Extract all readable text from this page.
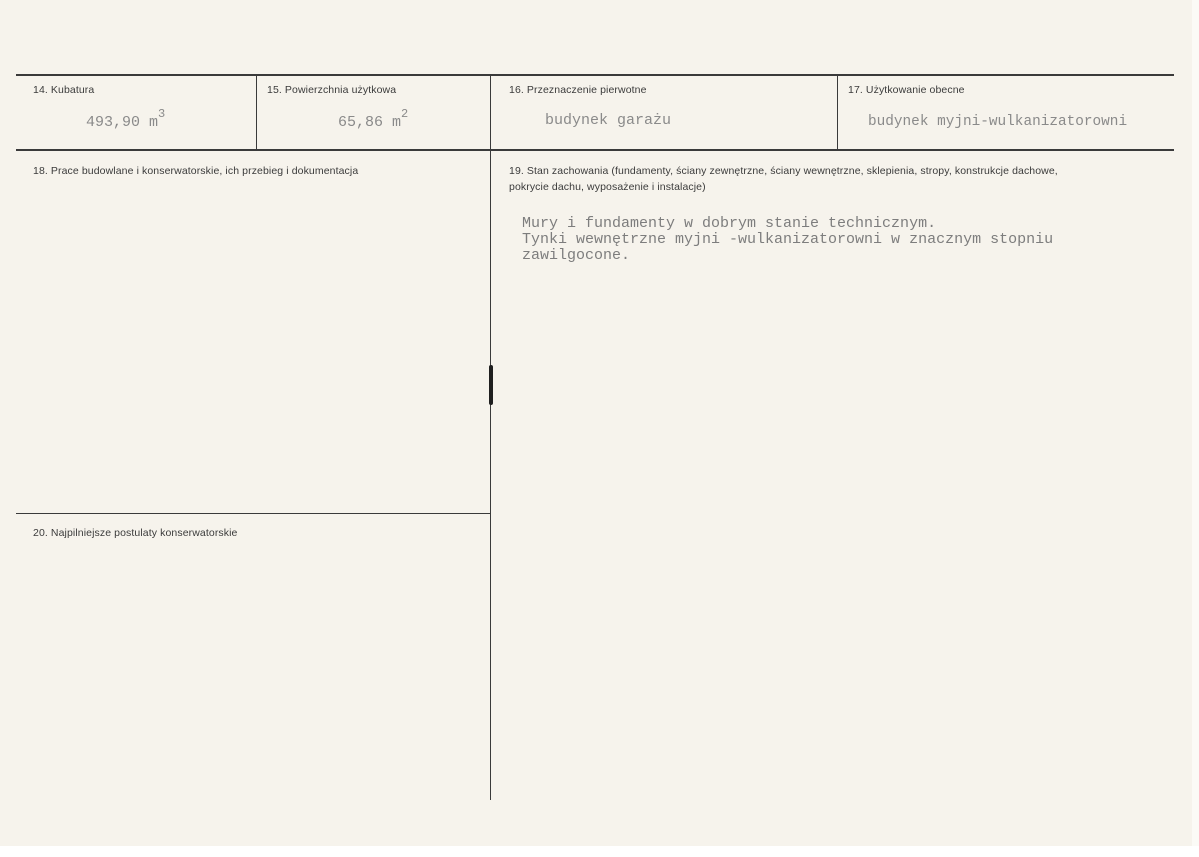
14. Kubatura
493,90 $m^3$
15. Powierzchnia użytkowa
65,86 $m^2$
16. Przeznaczenie pierwotne
budynek garażu
17. Użytkowanie obecne
budynek myjni-wulkanizatorowni
18. Prace budowlane i konserwatorskie, ich przebieg i dokumentacja	19. Stan zachowania (fundamenty, ściany zewnętrzne, ściany wewnętrzne, sklepienia, stropy, konstrukcje dachowe, pokrycie dachu, wyposażenie i instalacje)
Mury i fundamenty w dobrym stanie technicznym.
Tynki wewnętrzne myjni -wulkanizatorowni w znacznym stopniu
zawilgocone.
20. Najpilniejsze postulaty konserwatorskie
